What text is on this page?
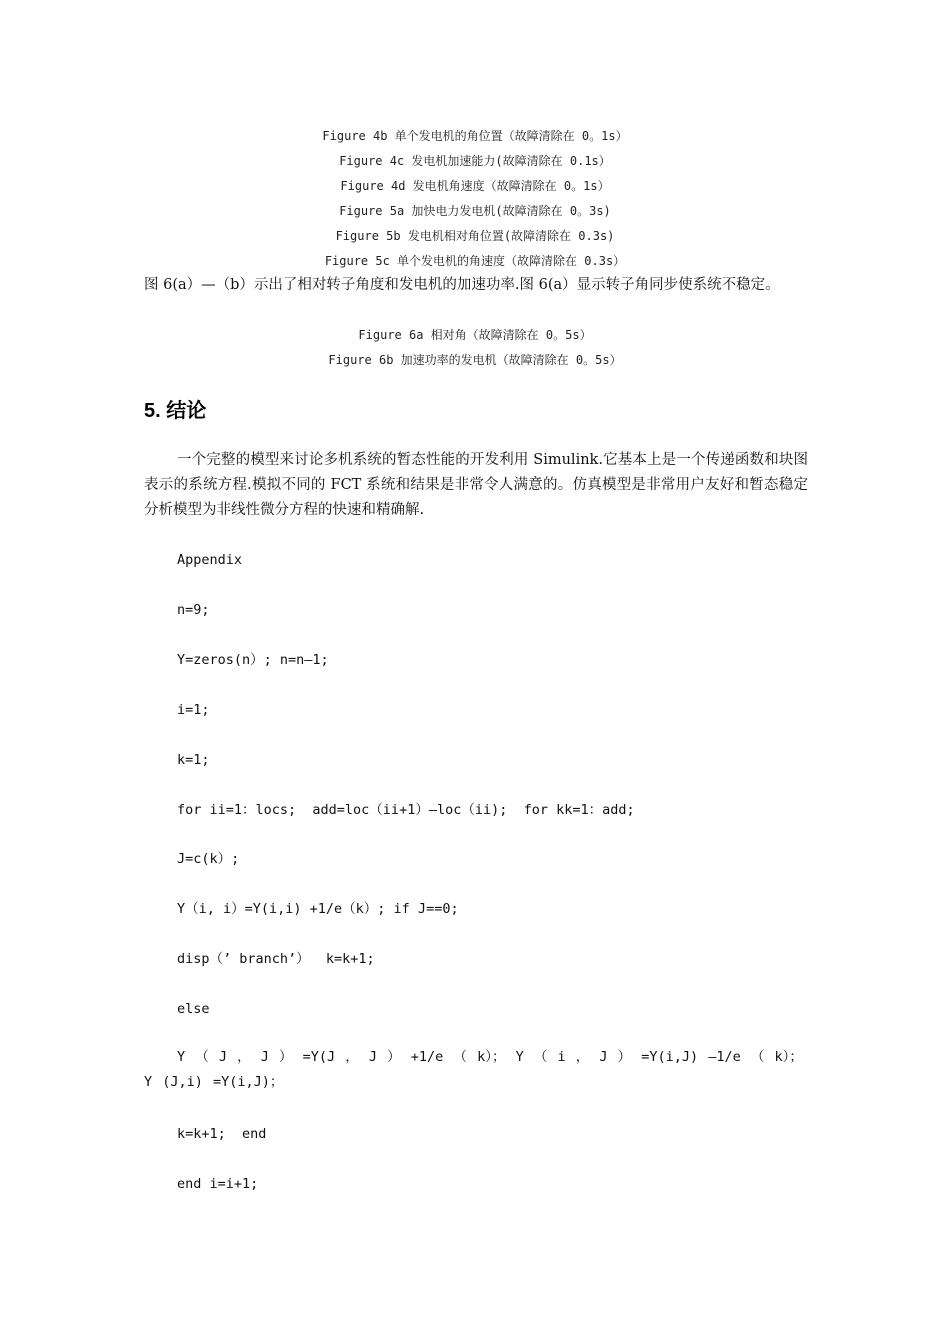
Figure 4b 单个发电机的角位置（故障清除在 0。1s）
Figure 4c 发电机加速能力(故障清除在 0.1s）
Figure 4d 发电机角速度（故障清除在 0。1s）
Figure 5a 加快电力发电机(故障清除在 0。3s)
Figure 5b 发电机相对角位置(故障清除在 0.3s)
Figure 5c 单个发电机的角速度（故障清除在 0.3s）
图 6(a）—（b）示出了相对转子角度和发电机的加速功率.图 6(a）显示转子角同步使系统不稳定。
Figure 6a 相对角（故障清除在 0。5s）
Figure 6b 加速功率的发电机（故障清除在 0。5s）
5. 结论
一个完整的模型来讨论多机系统的暂态性能的开发利用 Simulink.它基本上是一个传递函数和块图表示的系统方程.模拟不同的 FCT 系统和结果是非常令人满意的。仿真模型是非常用户友好和暂态稳定分析模型为非线性微分方程的快速和精确解.
Appendix
n=9;
Y=zeros(n）; n=n—1;
i=1;
k=1;
for ii=1：locs;  add=loc（ii+1）—loc（ii);  for kk=1：add;
J=c(k）;
Y（i, i）=Y(i,i) +1/e（k）; if J==0;
disp（’ branch’）  k=k+1;
else
Y （ J ， J ） =Y(J ， J ） +1/e （ k）； Y （ i ， J ） =Y(i,J) —1/e （ k）；Y (J,i) =Y(i,J)；
k=k+1;  end
end i=i+1;
